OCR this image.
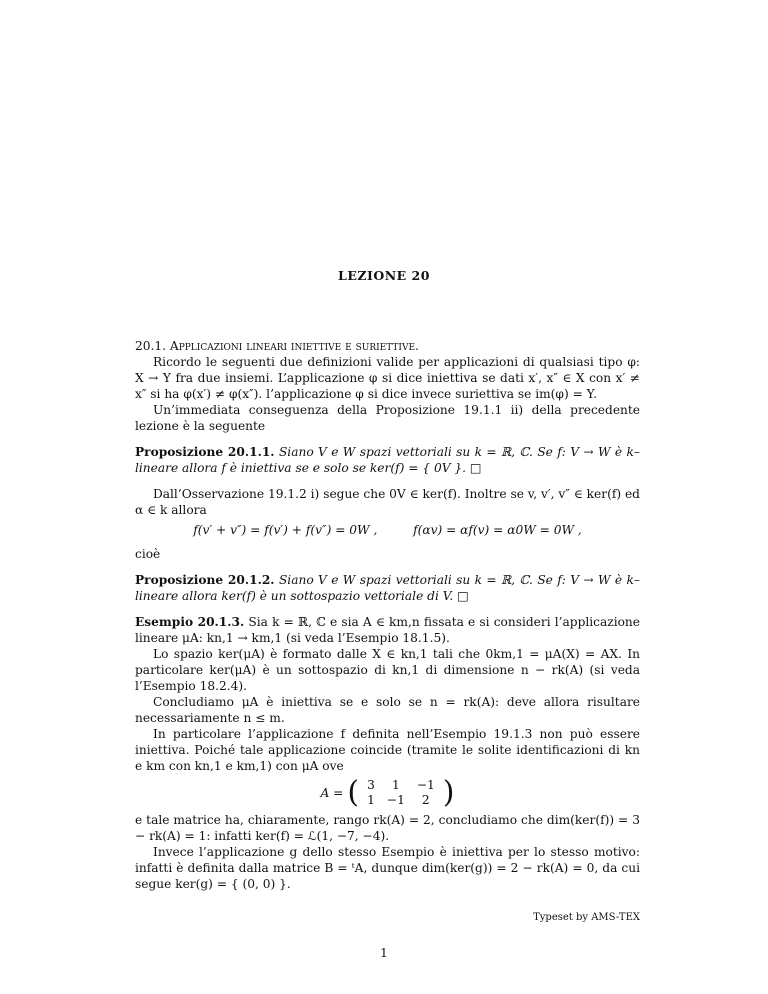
LEZIONE 20

20.1. Applicazioni lineari iniettive e suriettive.

Ricordo le seguenti due definizioni valide per applicazioni di qualsiasi tipo φ: X → Y fra due insiemi. L’applicazione φ si dice iniettiva se dati x′, x″ ∈ X con x′ ≠ x″ si ha φ(x′) ≠ φ(x″). l’applicazione φ si dice invece suriettiva se im(φ) = Y.

Un’immediata conseguenza della Proposizione 19.1.1 ii) della precedente lezione è la seguente

Proposizione 20.1.1. Siano V e W spazi vettoriali su k = ℝ, ℂ. Se f: V → W è k–lineare allora f è iniettiva se e solo se ker(f) = { 0V }. □

Dall’Osservazione 19.1.2 i) segue che 0V ∈ ker(f). Inoltre se v, v′, v″ ∈ ker(f) ed α ∈ k allora

f(v′ + v″) = f(v′) + f(v″) = 0W ,	f(αv) = αf(v) = α0W = 0W ,

cioè

Proposizione 20.1.2. Siano V e W spazi vettoriali su k = ℝ, ℂ. Se f: V → W è k–lineare allora ker(f) è un sottospazio vettoriale di V. □

Esempio 20.1.3. Sia k = ℝ, ℂ e sia A ∈ km,n fissata e si consideri l’applicazione lineare μA: kn,1 → km,1 (si veda l’Esempio 18.1.5).

Lo spazio ker(μA) è formato dalle X ∈ kn,1 tali che 0km,1 = μA(X) = AX. In particolare ker(μA) è un sottospazio di kn,1 di dimensione n − rk(A) (si veda l’Esempio 18.2.4).

Concludiamo μA è iniettiva se e solo se n = rk(A): deve allora risultare necessariamente n ≤ m.

In particolare l’applicazione f definita nell’Esempio 19.1.3 non può essere iniettiva. Poiché tale applicazione coincide (tramite le solite identificazioni di kn e km con kn,1 e km,1) con μA ove

A = ( 3	1	−1
1	−1	2 )

e tale matrice ha, chiaramente, rango rk(A) = 2, concludiamo che dim(ker(f)) = 3 − rk(A) = 1: infatti ker(f) = ℒ(1, −7, −4).

Invece l’applicazione g dello stesso Esempio è iniettiva per lo stesso motivo: infatti è definita dalla matrice B = ᵗA, dunque dim(ker(g)) = 2 − rk(A) = 0, da cui segue ker(g) = { (0, 0) }.

Typeset by AMS-TEX
1
